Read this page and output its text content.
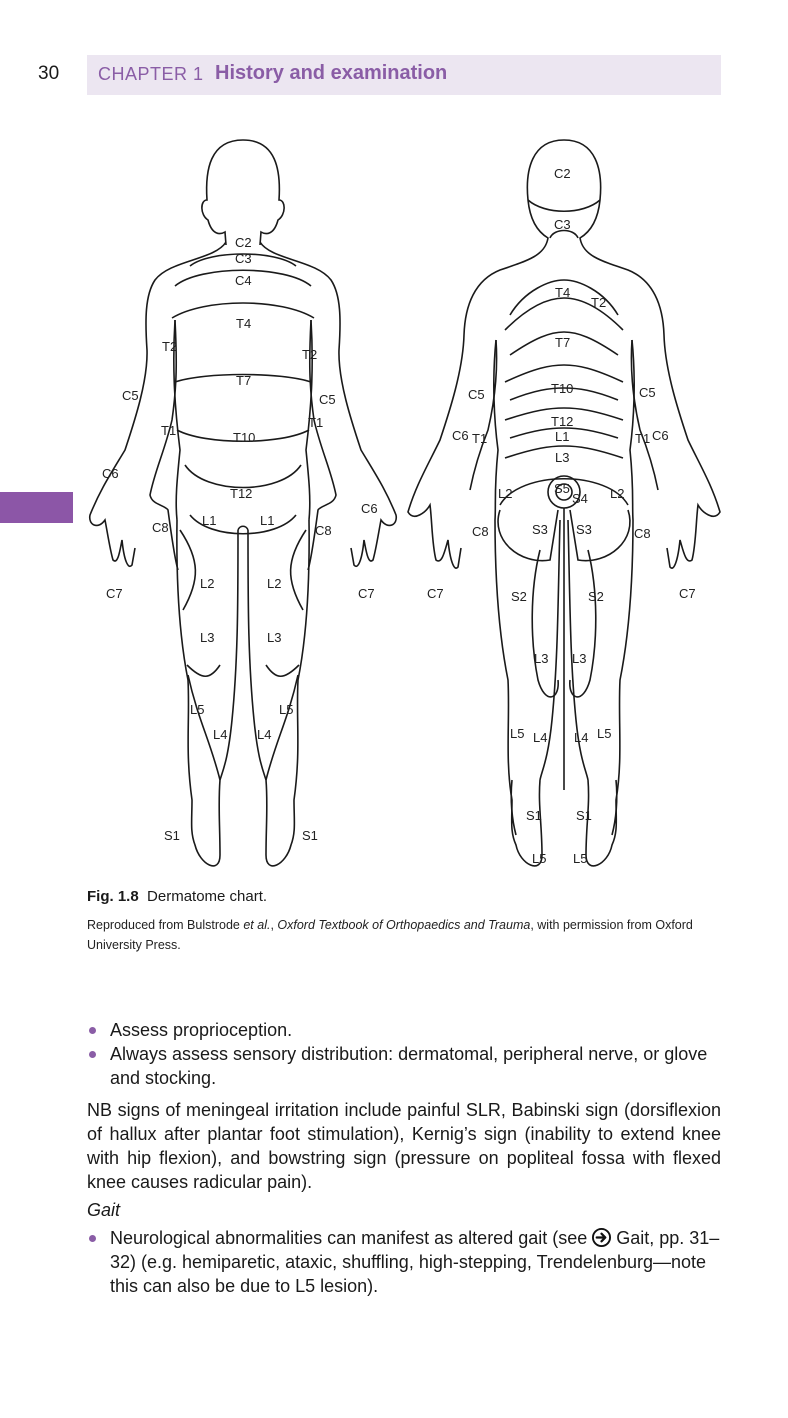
30 CHAPTER 1 History and examination
C2
C3
C4
T4
T2
T2
T7
C5	C5
T1
T1
T10
C6
C6
T12
L1	L1
C8	C8
C7	C7
L2	L2
L3	L3
L5	L5
L4 L4
S1	S1
C2
C3
T4
T2
T7
T10
C5	C5
T12
L1
C6	C6
T1	T1
L3
S5
S4
L2	L2
S3 S3
C8	C8
C7	C7
S2	S2
L3 L3
L5	L5
L4 L4
S1	S1
L5 L5
Fig. 1.8 Dermatome chart.
Reproduced from Bulstrode et al., Oxford Textbook of Orthopaedics and Trauma, with permission from Oxford University Press.
Assess proprioception.
Always assess sensory distribution: dermatomal, peripheral nerve, or glove and stocking.
NB signs of meningeal irritation include painful SLR, Babinski sign (dorsiflexion of hallux after plantar foot stimulation), Kernig’s sign (inability to extend knee with hip flexion), and bowstring sign (pressure on popliteal fossa with flexed knee causes radicular pain).
Gait
Neurological abnormalities can manifest as altered gait (see  Gait, pp. 31–32) (e.g. hemiparetic, ataxic, shuffling, high-stepping, Trendelenburg—note this can also be due to L5 lesion).
